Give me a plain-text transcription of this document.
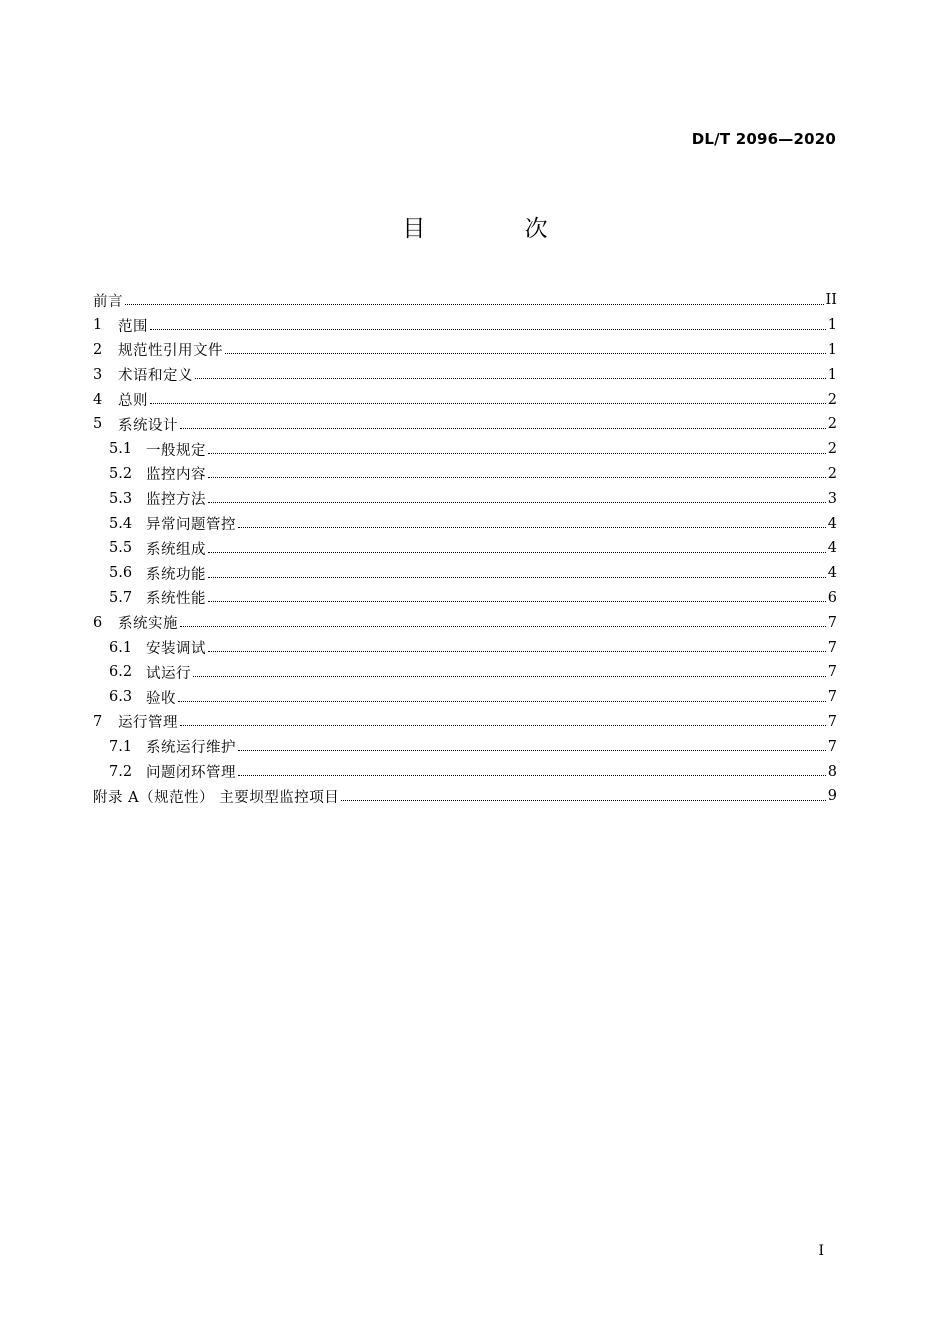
DL/T 2096—2020
目 次
前言	II
1	范围	1
2	规范性引用文件	1
3	术语和定义	1
4	总则	2
5	系统设计	2
5.1 一般规定	2
5.2 监控内容	2
5.3 监控方法	3
5.4 异常问题管控	4
5.5 系统组成	4
5.6 系统功能	4
5.7 系统性能	6
6	系统实施	7
6.1 安装调试	7
6.2 试运行	7
6.3 验收	7
7	运行管理	7
7.1 系统运行维护	7
7.2 问题闭环管理	8
附录 A（规范性） 主要坝型监控项目	9
I
